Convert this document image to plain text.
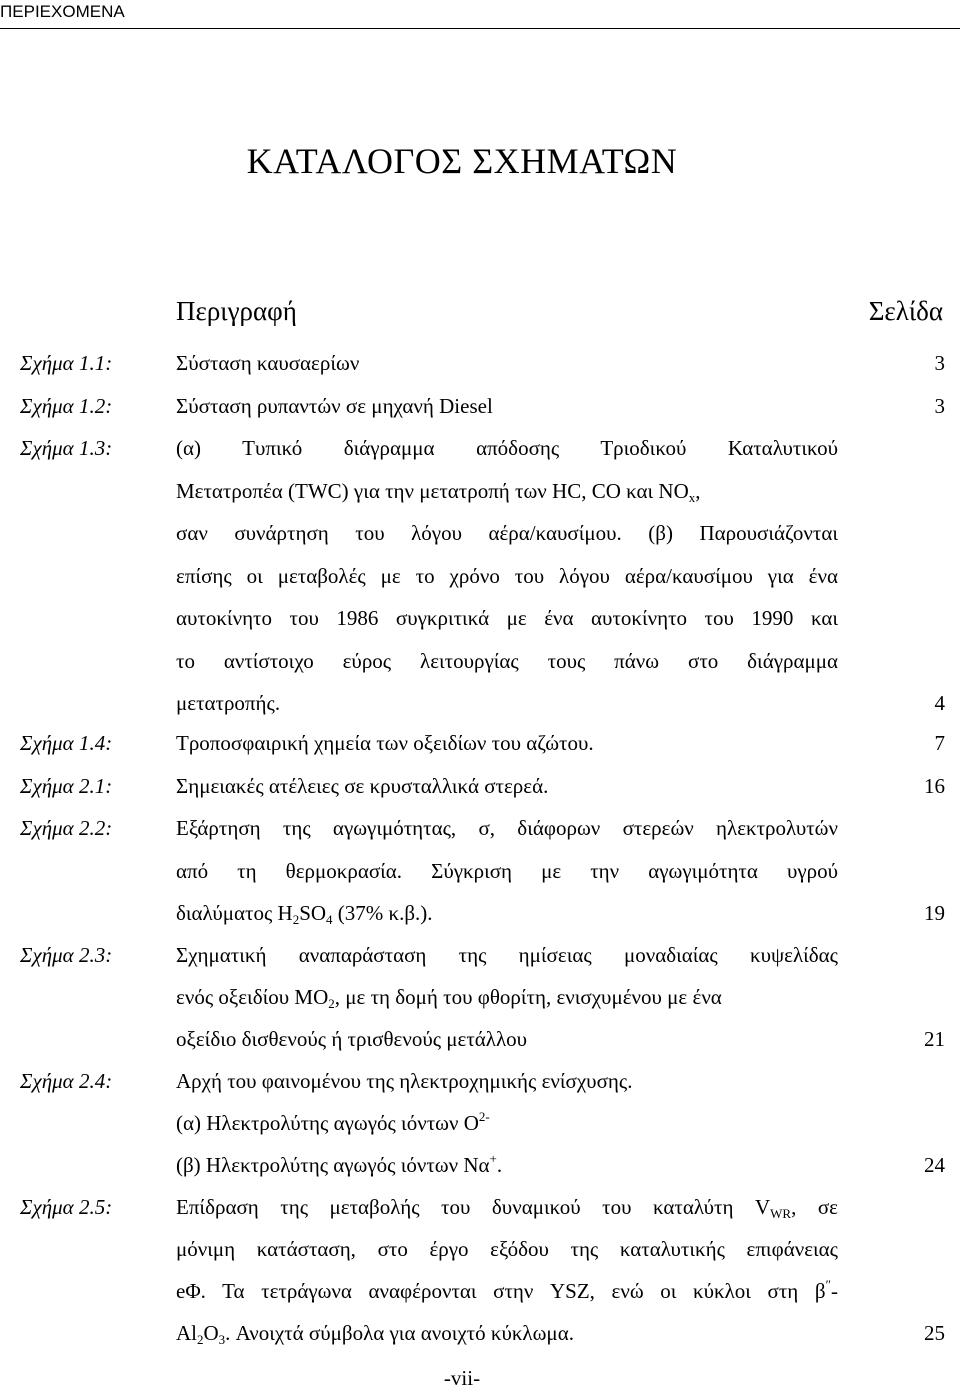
ΠΕΡΙΕΧΟΜΕΝΑ
ΚΑΤΑΛΟΓΟΣ ΣΧΗΜΑΤΩΝ
Περιγραφή	Σελίδα
Σχήμα 1.1:	Σύσταση καυσαερίων	3
Σχήμα 1.2:	Σύσταση ρυπαντών σε μηχανή Diesel	3
Σχήμα 1.3:	(α) Τυπικό διάγραμμα απόδοσης Τριοδικού Καταλυτικού
Μετατροπέα (TWC) για την μετατροπή των HC, CO και $NO_x$,
σαν συνάρτηση του λόγου αέρα/καυσίμου. (β) Παρουσιάζονται
επίσης οι μεταβολές με το χρόνο του λόγου αέρα/καυσίμου για ένα
αυτοκίνητο του 1986 συγκριτικά με ένα αυτοκίνητο του 1990 και
το αντίστοιχο εύρος λειτουργίας τους πάνω στο διάγραμμα
μετατροπής.	4
Σχήμα 1.4:	Τροποσφαιρική χημεία των οξειδίων του αζώτου.	7
Σχήμα 2.1:	Σημειακές ατέλειες σε κρυσταλλικά στερεά.	16
Σχήμα 2.2:	Εξάρτηση της αγωγιμότητας, σ, διάφορων στερεών ηλεκτρολυτών
από τη θερμοκρασία. Σύγκριση με την αγωγιμότητα υγρού
διαλύματος $H_2SO_4$ (37% κ.β.).	19
Σχήμα 2.3:	Σχηματική αναπαράσταση της ημίσειας μοναδιαίας κυψελίδας
ενός οξειδίου $MO_2$, με τη δομή του φθορίτη, ενισχυμένου με ένα
οξείδιο δισθενούς ή τρισθενούς μετάλλου	21
Σχήμα 2.4:	Αρχή του φαινομένου της ηλεκτροχημικής ενίσχυσης.
(α) Ηλεκτρολύτης αγωγός ιόντων $O^{2-}$
(β) Ηλεκτρολύτης αγωγός ιόντων Να+.	24
Σχήμα 2.5:	Επίδραση της μεταβολής του δυναμικού του καταλύτη $V_{WR}$, σε
μόνιμη κατάσταση, στο έργο εξόδου της καταλυτικής επιφάνειας
eΦ. Τα τετράγωνα αναφέρονται στην YSZ, ενώ οι κύκλοι στη β″-
$Al_2O_3$. Ανοιχτά σύμβολα για ανοιχτό κύκλωμα.	25
-vii-
